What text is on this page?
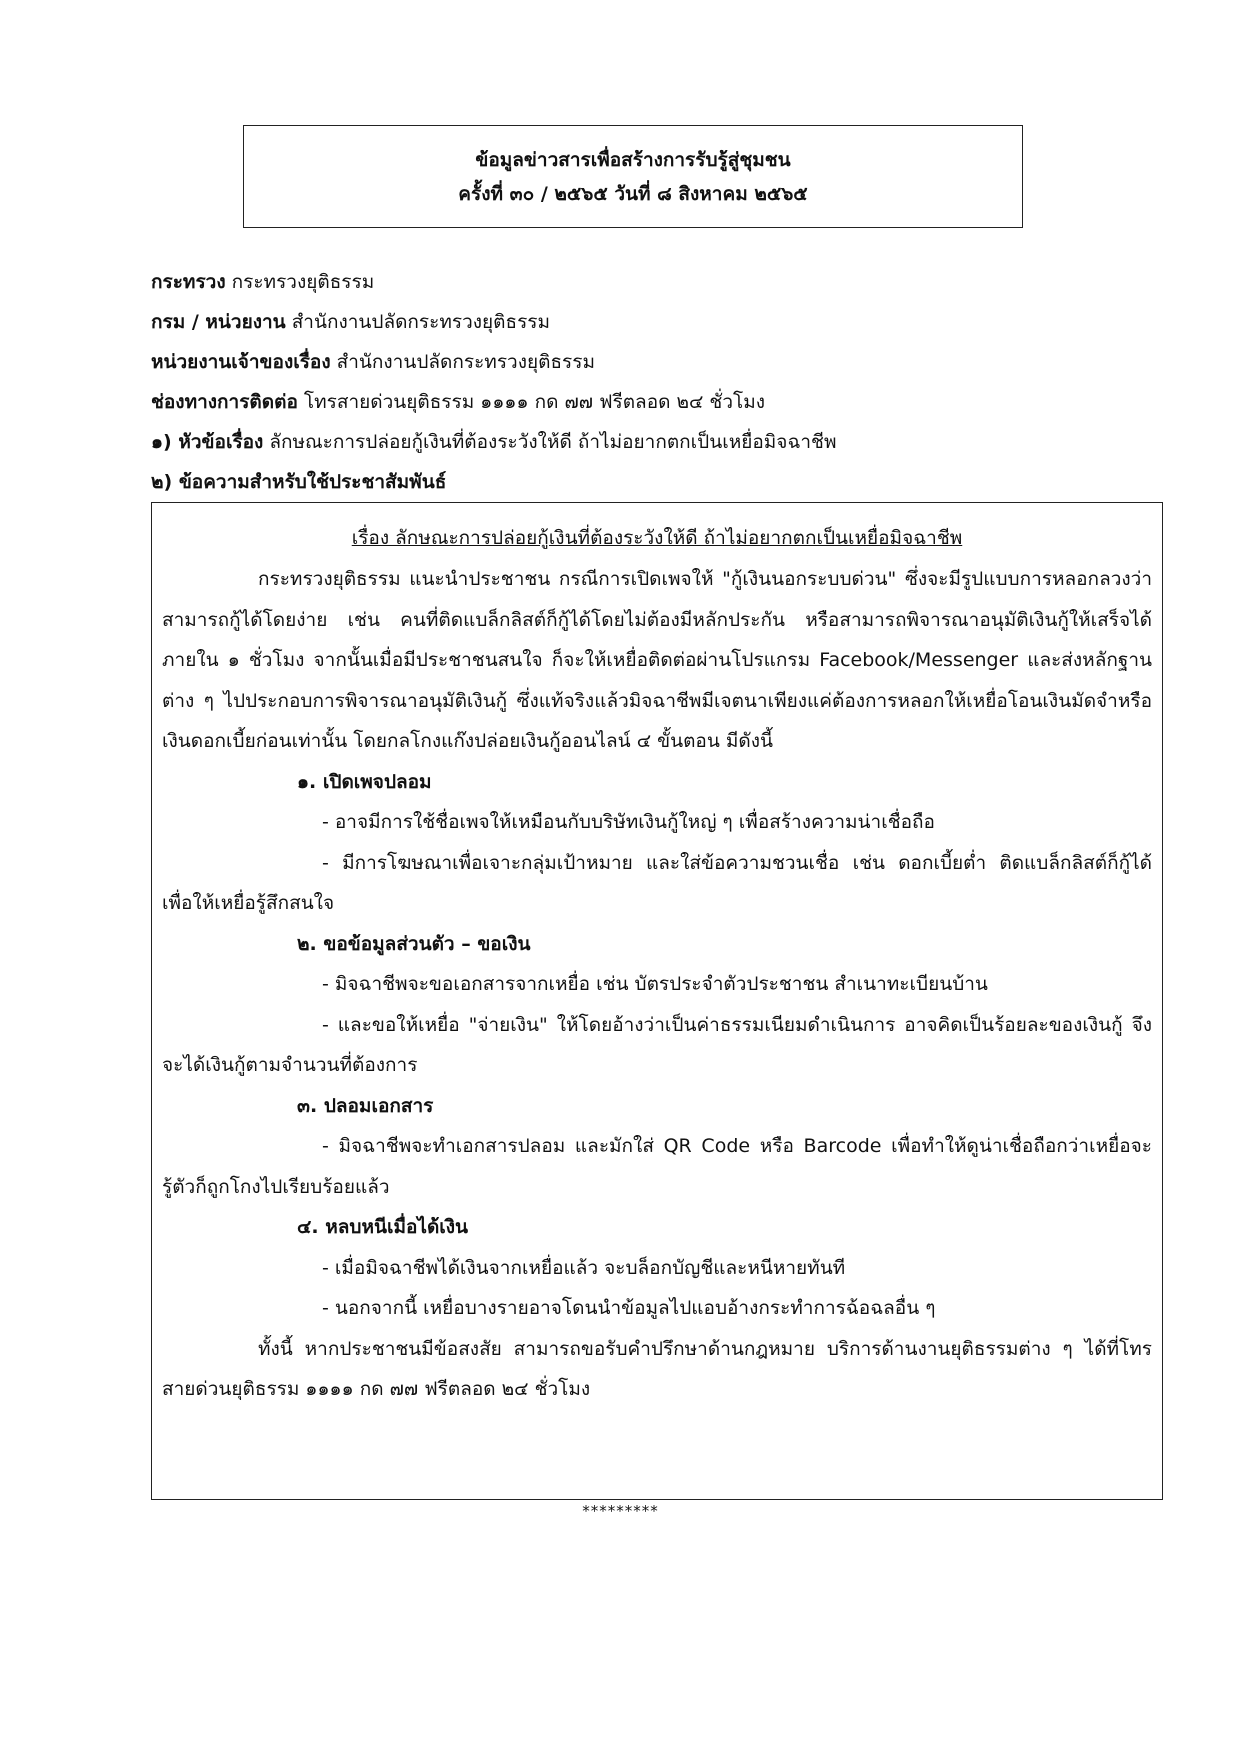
ข้อมูลข่าวสารเพื่อสร้างการรับรู้สู่ชุมชน
ครั้งที่ ๓๐ / ๒๕๖๕ วันที่ ๘ สิงหาคม ๒๕๖๕
กระทรวง กระทรวงยุติธรรม
กรม / หน่วยงาน สำนักงานปลัดกระทรวงยุติธรรม
หน่วยงานเจ้าของเรื่อง สำนักงานปลัดกระทรวงยุติธรรม
ช่องทางการติดต่อ โทรสายด่วนยุติธรรม ๑๑๑๑ กด ๗๗ ฟรีตลอด ๒๔ ชั่วโมง
๑) หัวข้อเรื่อง ลักษณะการปล่อยกู้เงินที่ต้องระวังให้ดี ถ้าไม่อยากตกเป็นเหยื่อมิจฉาชีพ
๒) ข้อความสำหรับใช้ประชาสัมพันธ์
เรื่อง ลักษณะการปล่อยกู้เงินที่ต้องระวังให้ดี ถ้าไม่อยากตกเป็นเหยื่อมิจฉาชีพ

กระทรวงยุติธรรม แนะนำประชาชน กรณีการเปิดเพจให้ "กู้เงินนอกระบบด่วน" ซึ่งจะมีรูปแบบการหลอกลวงว่าสามารถกู้ได้โดยง่าย เช่น คนที่ติดแบล็กลิสต์ก็กู้ได้โดยไม่ต้องมีหลักประกัน หรือสามารถพิจารณาอนุมัติเงินกู้ให้เสร็จได้ภายใน ๑ ชั่วโมง จากนั้นเมื่อมีประชาชนสนใจ ก็จะให้เหยื่อติดต่อผ่านโปรแกรม Facebook/Messenger และส่งหลักฐานต่าง ๆ ไปประกอบการพิจารณาอนุมัติเงินกู้ ซึ่งแท้จริงแล้วมิจฉาชีพมีเจตนาเพียงแค่ต้องการหลอกให้เหยื่อโอนเงินมัดจำหรือเงินดอกเบี้ยก่อนเท่านั้น โดยกลโกงแก๊งปล่อยเงินกู้ออนไลน์ ๔ ขั้นตอน มีดังนี้

๑. เปิดเพจปลอม

- อาจมีการใช้ชื่อเพจให้เหมือนกับบริษัทเงินกู้ใหญ่ ๆ เพื่อสร้างความน่าเชื่อถือ

- มีการโฆษณาเพื่อเจาะกลุ่มเป้าหมาย และใส่ข้อความชวนเชื่อ เช่น ดอกเบี้ยต่ำ ติดแบล็กลิสต์ก็กู้ได้ เพื่อให้เหยื่อรู้สึกสนใจ

๒. ขอข้อมูลส่วนตัว – ขอเงิน

- มิจฉาชีพจะขอเอกสารจากเหยื่อ เช่น บัตรประจำตัวประชาชน สำเนาทะเบียนบ้าน

- และขอให้เหยื่อ "จ่ายเงิน" ให้โดยอ้างว่าเป็นค่าธรรมเนียมดำเนินการ อาจคิดเป็นร้อยละของเงินกู้ จึงจะได้เงินกู้ตามจำนวนที่ต้องการ

๓. ปลอมเอกสาร

- มิจฉาชีพจะทำเอกสารปลอม และมักใส่ QR Code หรือ Barcode เพื่อทำให้ดูน่าเชื่อถือกว่าเหยื่อจะรู้ตัวก็ถูกโกงไปเรียบร้อยแล้ว

๔. หลบหนีเมื่อได้เงิน

- เมื่อมิจฉาชีพได้เงินจากเหยื่อแล้ว จะบล็อกบัญชีและหนีหายทันที

- นอกจากนี้ เหยื่อบางรายอาจโดนนำข้อมูลไปแอบอ้างกระทำการฉ้อฉลอื่น ๆ

ทั้งนี้ หากประชาชนมีข้อสงสัย สามารถขอรับคำปรึกษาด้านกฎหมาย บริการด้านงานยุติธรรมต่าง ๆ ได้ที่โทรสายด่วนยุติธรรม ๑๑๑๑ กด ๗๗ ฟรีตลอด ๒๔ ชั่วโมง

*********
